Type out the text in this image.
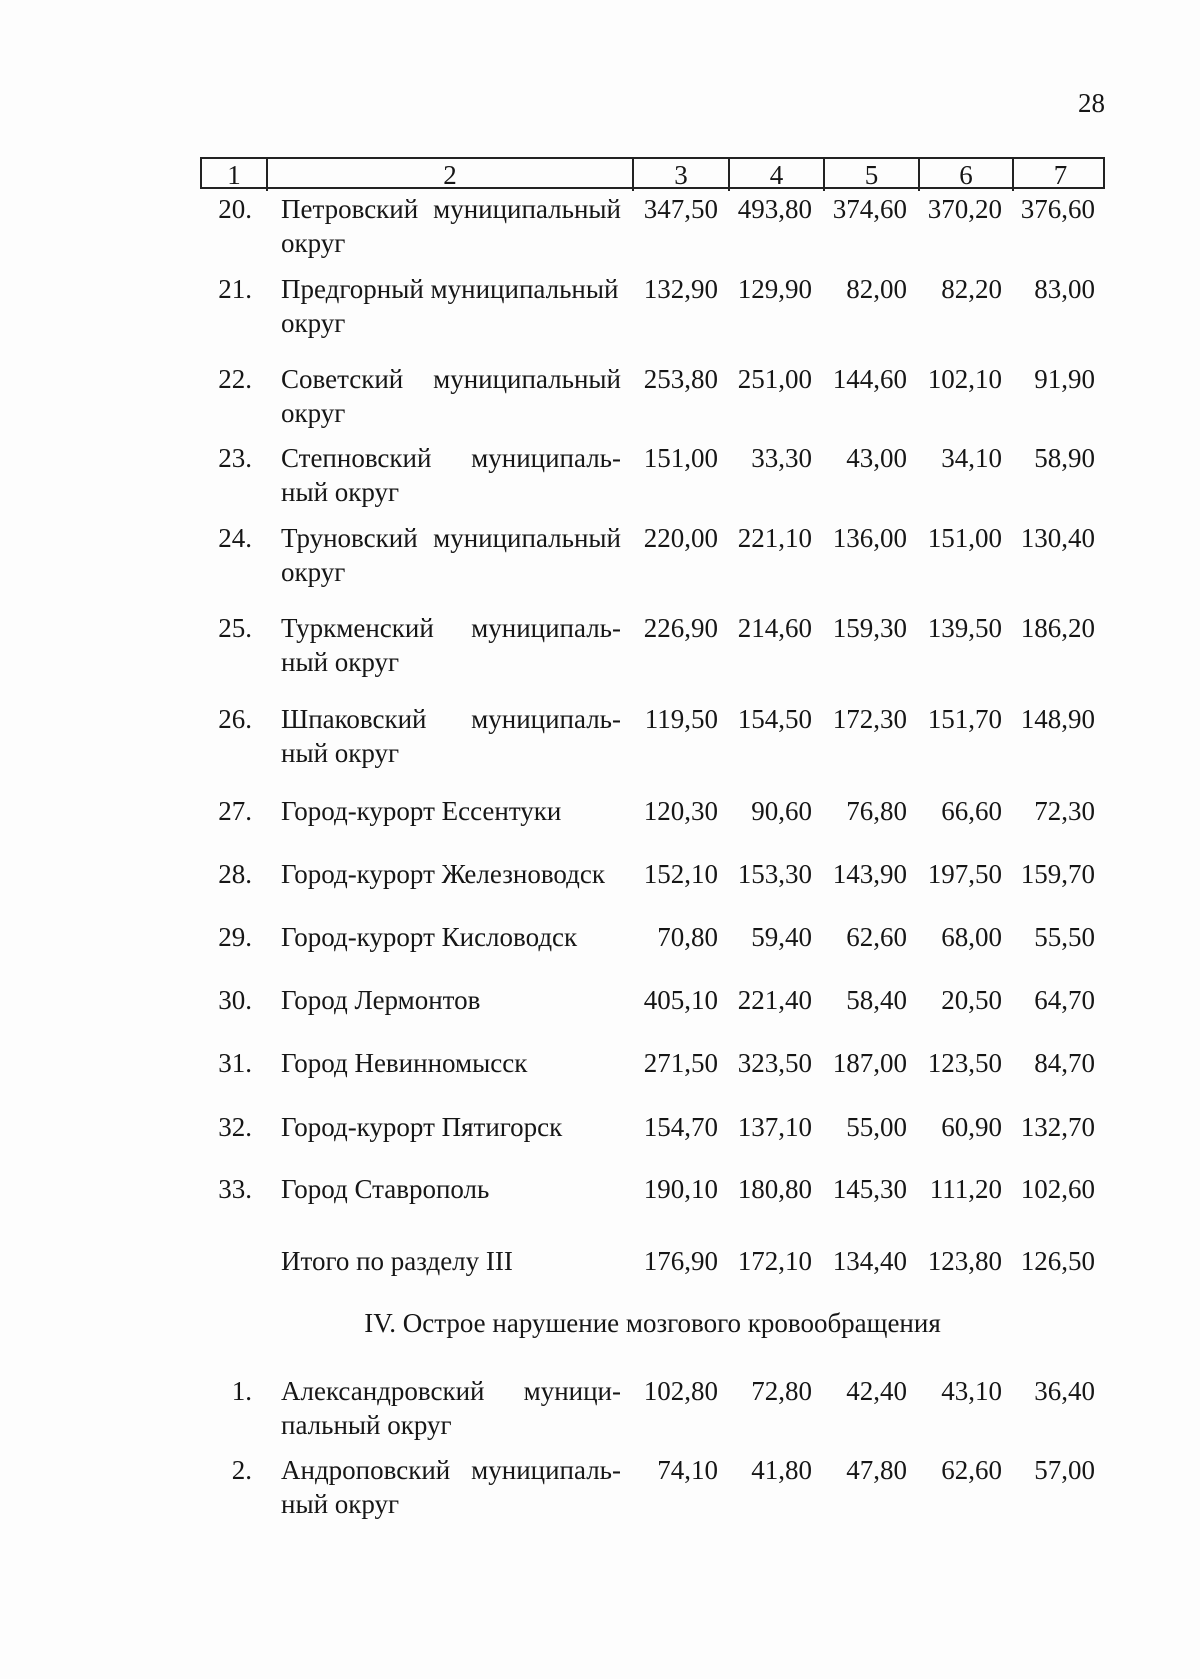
28
1	2	3	4	5	6	7
20. Петровский муниципальный
округ
347,50 493,80 374,60 370,20 376,60
21. Предгорный муниципальный
округ
132,90 129,90	82,00	82,20	83,00
22. Советский муниципальный
округ
253,80 251,00 144,60 102,10	91,90
23. Степновский муниципаль-
ный округ
151,00	33,30	43,00	34,10	58,90
24. Труновский муниципальный
округ
220,00 221,10 136,00 151,00 130,40
25. Туркменский муниципаль-
ный округ
226,90 214,60 159,30 139,50 186,20
26. Шпаковский муниципаль-
ный округ
119,50 154,50 172,30 151,70 148,90
27. Город-курорт Ессентуки	120,30	90,60	76,80	66,60	72,30
28. Город-курорт Железноводск	152,10 153,30 143,90 197,50 159,70
29. Город-курорт Кисловодск	70,80	59,40	62,60	68,00	55,50
30. Город Лермонтов	405,10 221,40	58,40	20,50	64,70
31. Город Невинномысск	271,50 323,50 187,00 123,50	84,70
32. Город-курорт Пятигорск	154,70 137,10	55,00	60,90 132,70
33. Город Ставрополь	190,10 180,80 145,30 111,20 102,60
Итого по разделу III	176,90 172,10 134,40 123,80 126,50
IV. Острое нарушение мозгового кровообращения
1. Александровский муници-
пальный округ
102,80	72,80	42,40	43,10	36,40
2. Андроповский муниципаль-
ный округ
74,10	41,80	47,80	62,60	57,00
